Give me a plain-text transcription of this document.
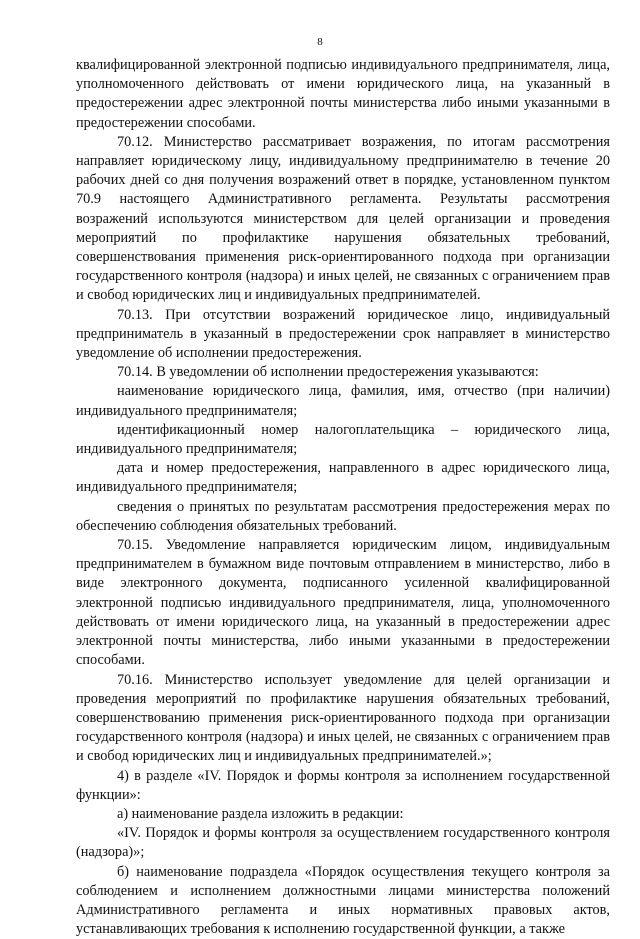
8

квалифицированной электронной подписью индивидуального предпринимателя, лица, уполномоченного действовать от имени юридического лица, на указанный в предостережении адрес электронной почты министерства либо иными указанными в предостережении способами.

70.12. Министерство рассматривает возражения, по итогам рассмотрения направляет юридическому лицу, индивидуальному предпринимателю в течение 20 рабочих дней со дня получения возражений ответ в порядке, установленном пунктом 70.9 настоящего Административного регламента. Результаты рассмотрения возражений используются министерством для целей организации и проведения мероприятий по профилактике нарушения обязательных требований, совершенствования применения риск-ориентированного подхода при организации государственного контроля (надзора) и иных целей, не связанных с ограничением прав и свобод юридических лиц и индивидуальных предпринимателей.

70.13. При отсутствии возражений юридическое лицо, индивидуальный предприниматель в указанный в предостережении срок направляет в министерство уведомление об исполнении предостережения.

70.14. В уведомлении об исполнении предостережения указываются:

наименование юридического лица, фамилия, имя, отчество (при наличии) индивидуального предпринимателя;

идентификационный номер налогоплательщика – юридического лица, индивидуального предпринимателя;

дата и номер предостережения, направленного в адрес юридического лица, индивидуального предпринимателя;

сведения о принятых по результатам рассмотрения предостережения мерах по обеспечению соблюдения обязательных требований.

70.15. Уведомление направляется юридическим лицом, индивидуальным предпринимателем в бумажном виде почтовым отправлением в министерство, либо в виде электронного документа, подписанного усиленной квалифицированной электронной подписью индивидуального предпринимателя, лица, уполномоченного действовать от имени юридического лица, на указанный в предостережении адрес электронной почты министерства, либо иными указанными в предостережении способами.

70.16. Министерство использует уведомление для целей организации и проведения мероприятий по профилактике нарушения обязательных требований, совершенствованию применения риск-ориентированного подхода при организации государственного контроля (надзора) и иных целей, не связанных с ограничением прав и свобод юридических лиц и индивидуальных предпринимателей.»;

4) в разделе «IV. Порядок и формы контроля за исполнением государственной функции»:

а) наименование раздела изложить в редакции:

«IV. Порядок и формы контроля за осуществлением государственного контроля (надзора)»;

б) наименование подраздела «Порядок осуществления текущего контроля за соблюдением и исполнением должностными лицами министерства положений Административного регламента и иных нормативных правовых актов, устанавливающих требования к исполнению государственной функции, а также
